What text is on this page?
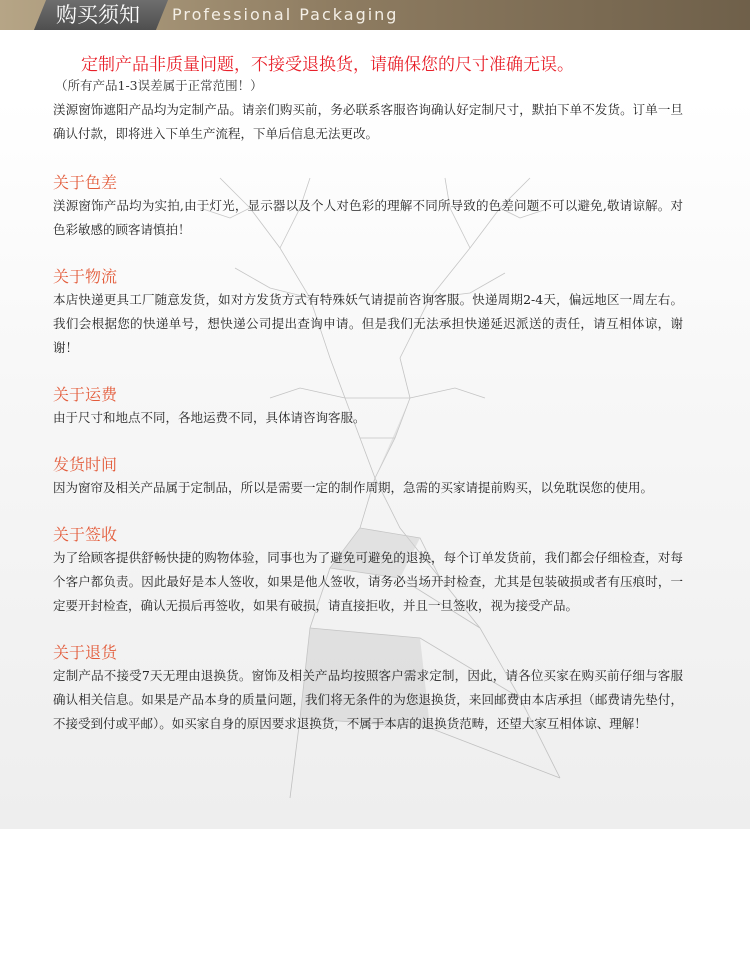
购买须知 Professional Packaging

定制产品非质量问题，不接受退换货，请确保您的尺寸准确无误。

（所有产品1-3误差属于正常范围！）

渼源窗饰遮阳产品均为定制产品。请亲们购买前，务必联系客服咨询确认好定制尺寸，默拍下单不发货。订单一旦确认付款，即将进入下单生产流程，下单后信息无法更改。

关于色差

渼源窗饰产品均为实拍,由于灯光，显示器以及个人对色彩的理解不同所导致的色差问题不可以避免,敬请谅解。对色彩敏感的顾客请慎拍！

关于物流

本店快递更具工厂随意发货，如对方发货方式有特殊妖气请提前咨询客服。快递周期2-4天，偏远地区一周左右。我们会根据您的快递单号，想快递公司提出查询申请。但是我们无法承担快递延迟派送的责任，请互相体谅，谢谢！

关于运费

由于尺寸和地点不同，各地运费不同，具体请咨询客服。

发货时间

因为窗帘及相关产品属于定制品，所以是需要一定的制作周期，急需的买家请提前购买，以免耽误您的使用。

关于签收

为了给顾客提供舒畅快捷的购物体验，同事也为了避免可避免的退换，每个订单发货前，我们都会仔细检查，对每个客户都负责。因此最好是本人签收，如果是他人签收，请务必当场开封检查，尤其是包装破损或者有压痕时，一定要开封检查，确认无损后再签收，如果有破损，请直接拒收，并且一旦签收，视为接受产品。

关于退货

定制产品不接受7天无理由退换货。窗饰及相关产品均按照客户需求定制，因此，请各位买家在购买前仔细与客服确认相关信息。如果是产品本身的质量问题，我们将无条件的为您退换货，来回邮费由本店承担（邮费请先垫付，不接受到付或平邮）。如买家自身的原因要求退换货，不属于本店的退换货范畴，还望大家互相体谅、理解！
